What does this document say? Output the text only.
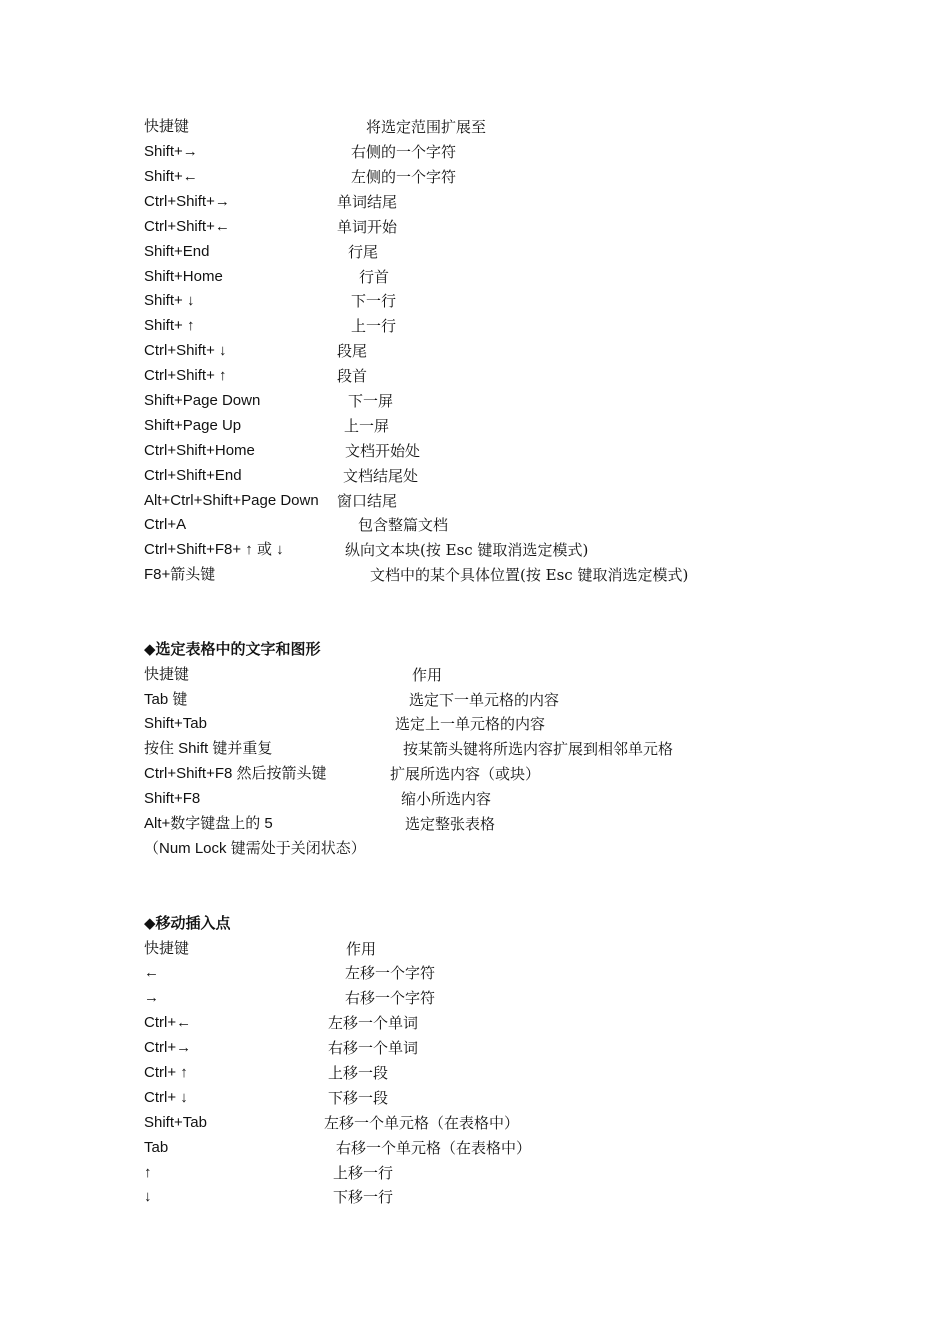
快捷键	将选定范围扩展至
Shift+→	右侧的一个字符
Shift+←	左侧的一个字符
Ctrl+Shift+→	单词结尾
Ctrl+Shift+←	单词开始
Shift+End	行尾
Shift+Home	行首
Shift+ ↓	下一行
Shift+ ↑	上一行
Ctrl+Shift+ ↓	段尾
Ctrl+Shift+ ↑	段首
Shift+Page Down	下一屏
Shift+Page Up	上一屏
Ctrl+Shift+Home	文档开始处
Ctrl+Shift+End	文档结尾处
Alt+Ctrl+Shift+Page Down 窗口结尾
Ctrl+A	包含整篇文档
Ctrl+Shift+F8+ ↑ 或 ↓	纵向文本块(按 Esc 键取消选定模式)
F8+箭头键	文档中的某个具体位置(按 Esc 键取消选定模式)
◆选定表格中的文字和图形
快捷键	作用
Tab 键	选定下一单元格的内容
Shift+Tab	选定上一单元格的内容
按住 Shift 键并重复	按某箭头键将所选内容扩展到相邻单元格
Ctrl+Shift+F8 然后按箭头键	扩展所选内容（或块）
Shift+F8	缩小所选内容
Alt+数字键盘上的 5	选定整张表格
（Num Lock 键需处于关闭状态）
◆移动插入点
快捷键	作用
←	左移一个字符
→	右移一个字符
Ctrl+←	左移一个单词
Ctrl+→	右移一个单词
Ctrl+ ↑	上移一段
Ctrl+ ↓	下移一段
Shift+Tab	左移一个单元格（在表格中）
Tab	右移一个单元格（在表格中）
↑	上移一行
↓	下移一行
